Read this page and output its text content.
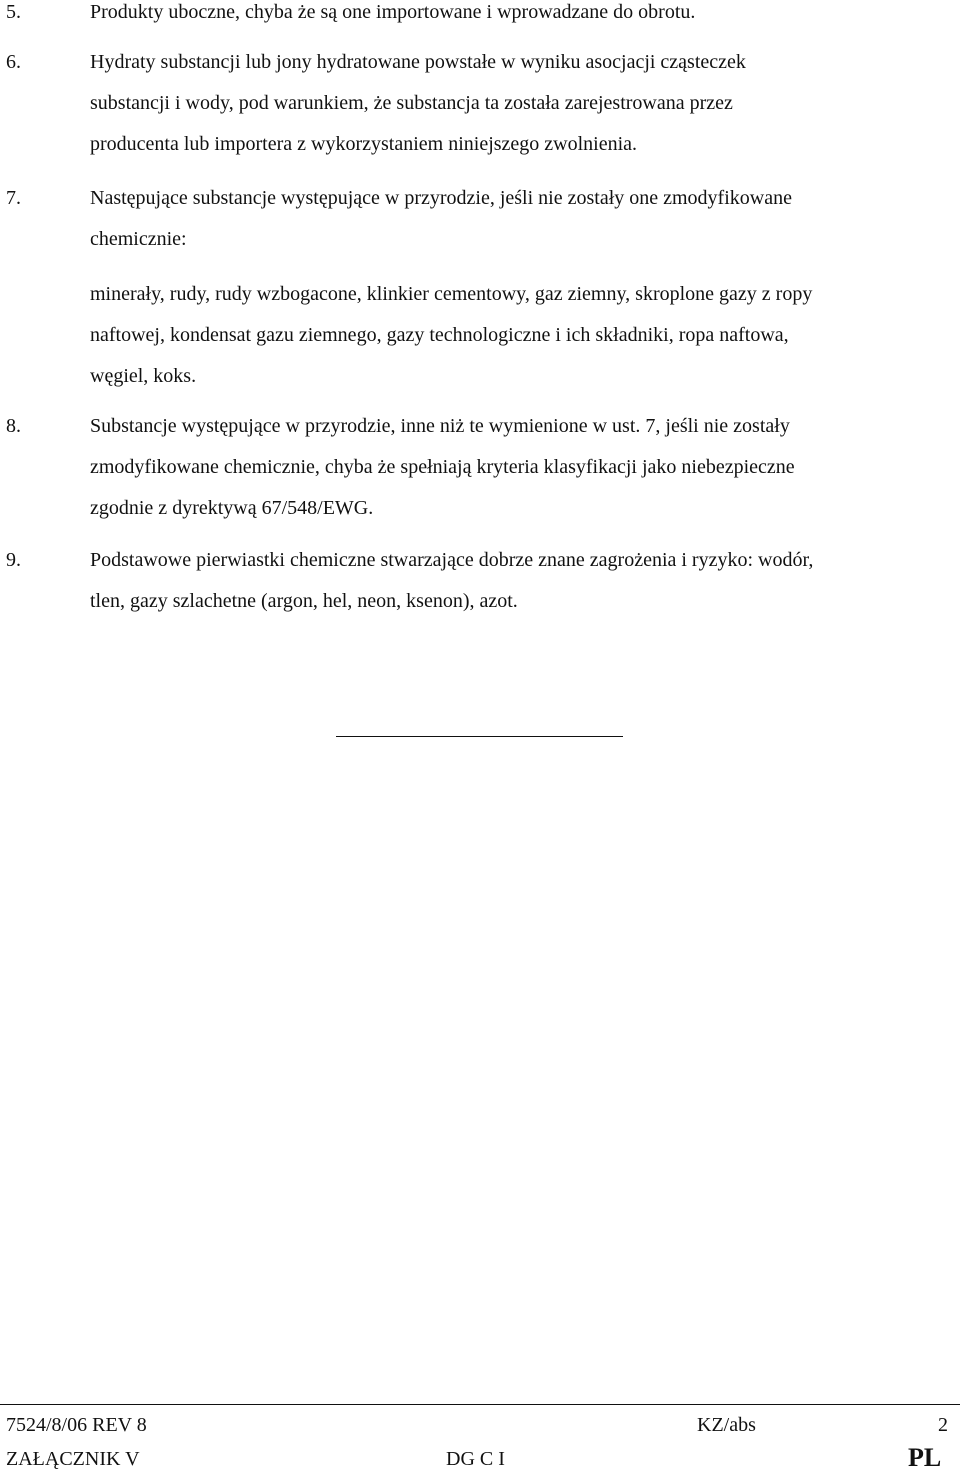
5.	Produkty uboczne, chyba że są one importowane i wprowadzane do obrotu.
6.	Hydraty substancji lub jony hydratowane powstałe w wyniku asocjacji cząsteczek
substancji i wody, pod warunkiem, że substancja ta została zarejestrowana przez
producenta lub importera z wykorzystaniem niniejszego zwolnienia.
7.	Następujące substancje występujące w przyrodzie, jeśli nie zostały one zmodyfikowane
chemicznie:
minerały, rudy, rudy wzbogacone, klinkier cementowy, gaz ziemny, skroplone gazy z ropy
naftowej, kondensat gazu ziemnego, gazy technologiczne i ich składniki, ropa naftowa,
węgiel, koks.
8.	Substancje występujące w przyrodzie, inne niż te wymienione w ust. 7, jeśli nie zostały
zmodyfikowane chemicznie, chyba że spełniają kryteria klasyfikacji jako niebezpieczne
zgodnie z dyrektywą 67/548/EWG.
9.	Podstawowe pierwiastki chemiczne stwarzające dobrze znane zagrożenia i ryzyko: wodór,
tlen, gazy szlachetne (argon, hel, neon, ksenon), azot.
7524/8/06 REV 8	KZ/abs	2
ZAŁĄCZNIK V	DG C I	PL
